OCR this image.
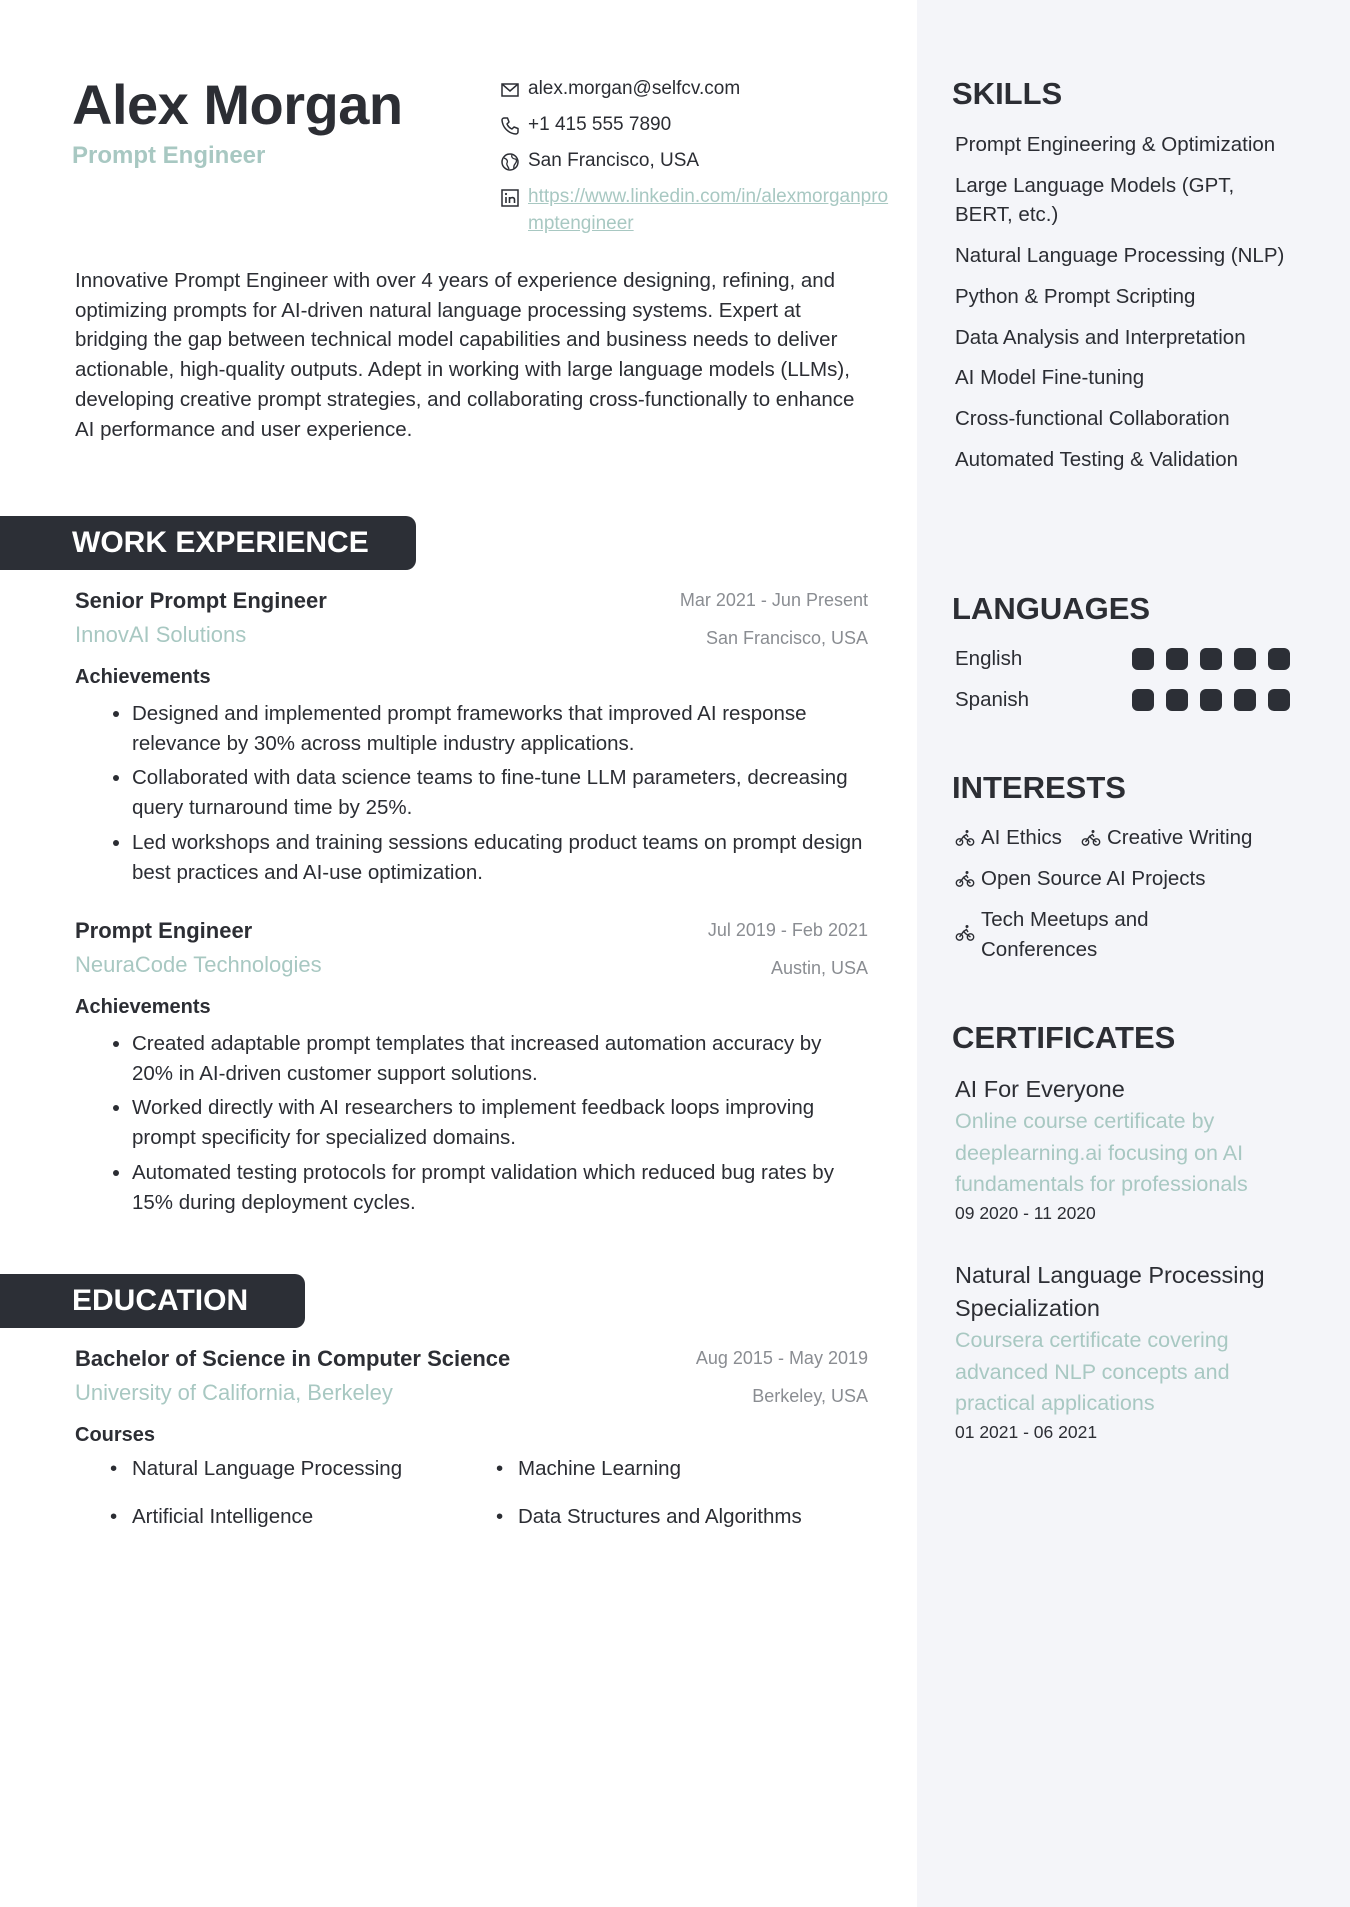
Alex Morgan
Prompt Engineer
alex.morgan@selfcv.com
+1 415 555 7890
San Francisco, USA
https://www.linkedin.com/in/alexmorganpromptengineer
Innovative Prompt Engineer with over 4 years of experience designing, refining, and optimizing prompts for AI-driven natural language processing systems. Expert at bridging the gap between technical model capabilities and business needs to deliver actionable, high-quality outputs. Adept in working with large language models (LLMs), developing creative prompt strategies, and collaborating cross-functionally to enhance AI performance and user experience.
WORK EXPERIENCE
Senior Prompt Engineer	Mar 2021 - Jun Present
InnovAI Solutions	San Francisco, USA
Achievements
• Designed and implemented prompt frameworks that improved AI response relevance by 30% across multiple industry applications.
• Collaborated with data science teams to fine-tune LLM parameters, decreasing query turnaround time by 25%.
• Led workshops and training sessions educating product teams on prompt design best practices and AI-use optimization.
Prompt Engineer	Jul 2019 - Feb 2021
NeuraCode Technologies	Austin, USA
Achievements
• Created adaptable prompt templates that increased automation accuracy by 20% in AI-driven customer support solutions.
• Worked directly with AI researchers to implement feedback loops improving prompt specificity for specialized domains.
• Automated testing protocols for prompt validation which reduced bug rates by 15% during deployment cycles.
EDUCATION
Bachelor of Science in Computer Science	Aug 2015 - May 2019
University of California, Berkeley	Berkeley, USA
Courses
• Natural Language Processing	• Machine Learning
• Artificial Intelligence	• Data Structures and Algorithms
SKILLS
Prompt Engineering & Optimization
Large Language Models (GPT, BERT, etc.)
Natural Language Processing (NLP)
Python & Prompt Scripting
Data Analysis and Interpretation
AI Model Fine-tuning
Cross-functional Collaboration
Automated Testing & Validation
LANGUAGES
English
Spanish
INTERESTS
AI Ethics Creative Writing
Open Source AI Projects
Tech Meetups and Conferences
CERTIFICATES
AI For Everyone
Online course certificate by deeplearning.ai focusing on AI fundamentals for professionals
09 2020 - 11 2020
Natural Language Processing Specialization
Coursera certificate covering advanced NLP concepts and practical applications
01 2021 - 06 2021
